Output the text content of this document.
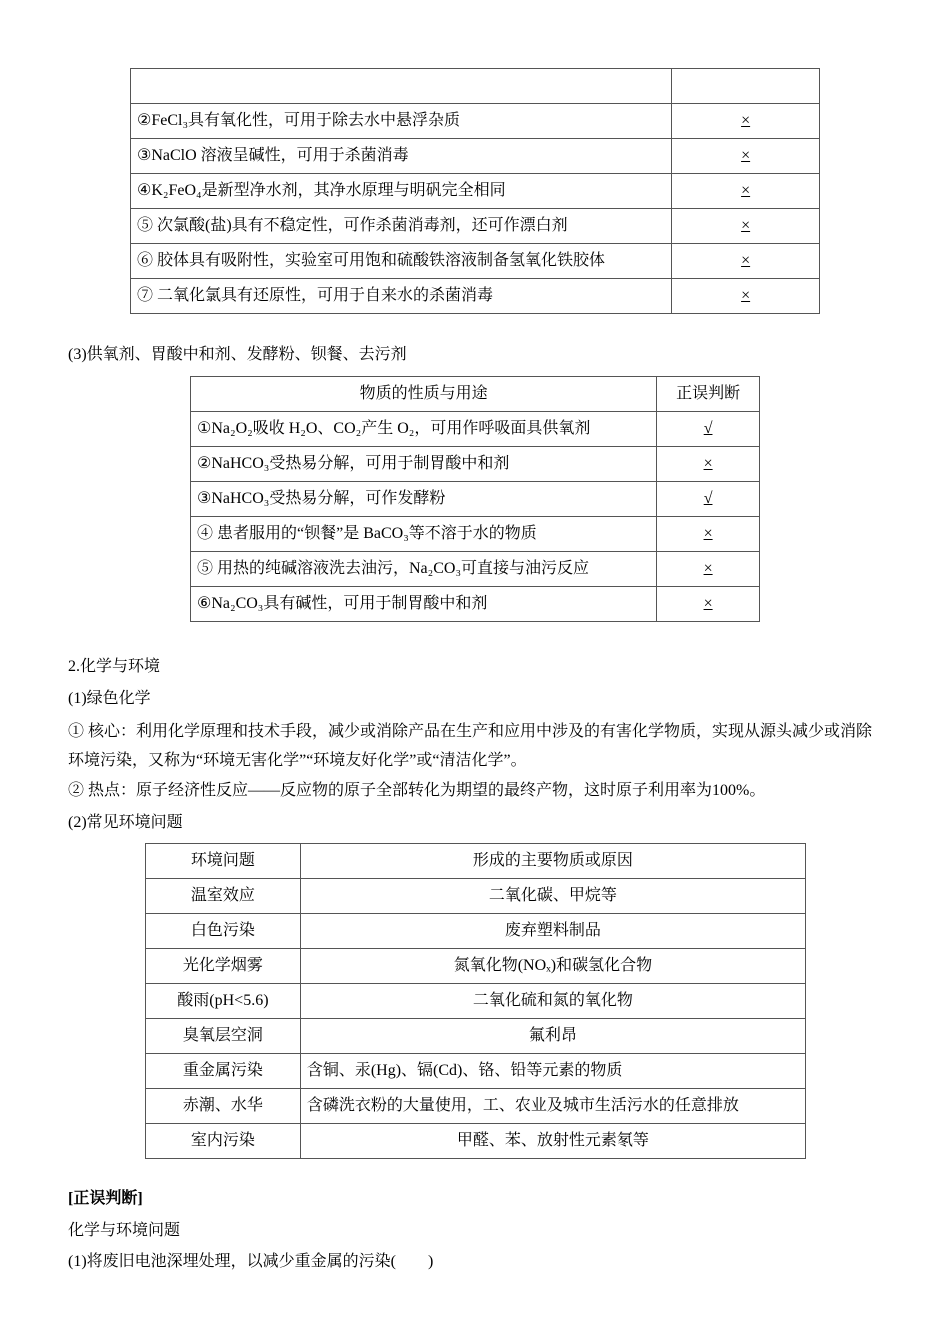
②FeCl₃具有氧化性，可用于除去水中悬浮杂质	×
③NaClO 溶液呈碱性，可用于杀菌消毒	×
④K₂FeO₄是新型净水剂，其净水原理与明矾完全相同	×
⑤ 次氯酸(盐)具有不稳定性，可作杀菌消毒剂，还可作漂白剂	×
⑥ 胶体具有吸附性，实验室可用饱和硫酸铁溶液制备氢氧化铁胶体	×
⑦ 二氧化氯具有还原性，可用于自来水的杀菌消毒	×
(3)供氧剂、胃酸中和剂、发酵粉、钡餐、去污剂
物质的性质与用途	正误判断
①Na₂O₂吸收 H₂O、CO₂产生 O₂，可用作呼吸面具供氧剂	√
②NaHCO₃受热易分解，可用于制胃酸中和剂	×
③NaHCO₃受热易分解，可作发酵粉	√
④ 患者服用的“钡餐”是 BaCO₃等不溶于水的物质	×
⑤ 用热的纯碱溶液洗去油污，Na₂CO₃可直接与油污反应	×
⑥Na₂CO₃具有碱性，可用于制胃酸中和剂	×
2.化学与环境
(1)绿色化学
① 核心：利用化学原理和技术手段，减少或消除产品在生产和应用中涉及的有害化学物质，实现从源头减少或消除环境污染，又称为“环境无害化学”“环境友好化学”或“清洁化学”。
② 热点：原子经济性反应——反应物的原子全部转化为期望的最终产物，这时原子利用率为100%。
(2)常见环境问题
环境问题	形成的主要物质或原因
温室效应	二氧化碳、甲烷等
白色污染	废弃塑料制品
光化学烟雾	氮氧化物(NOₓ)和碳氢化合物
酸雨(pH<5.6)	二氧化硫和氮的氧化物
臭氧层空洞	氟利昂
重金属污染	含铜、汞(Hg)、镉(Cd)、铬、铅等元素的物质
赤潮、水华	含磷洗衣粉的大量使用，工、农业及城市生活污水的任意排放
室内污染	甲醛、苯、放射性元素氡等
[正误判断]
化学与环境问题
(1)将废旧电池深埋处理，以减少重金属的污染(　　)
